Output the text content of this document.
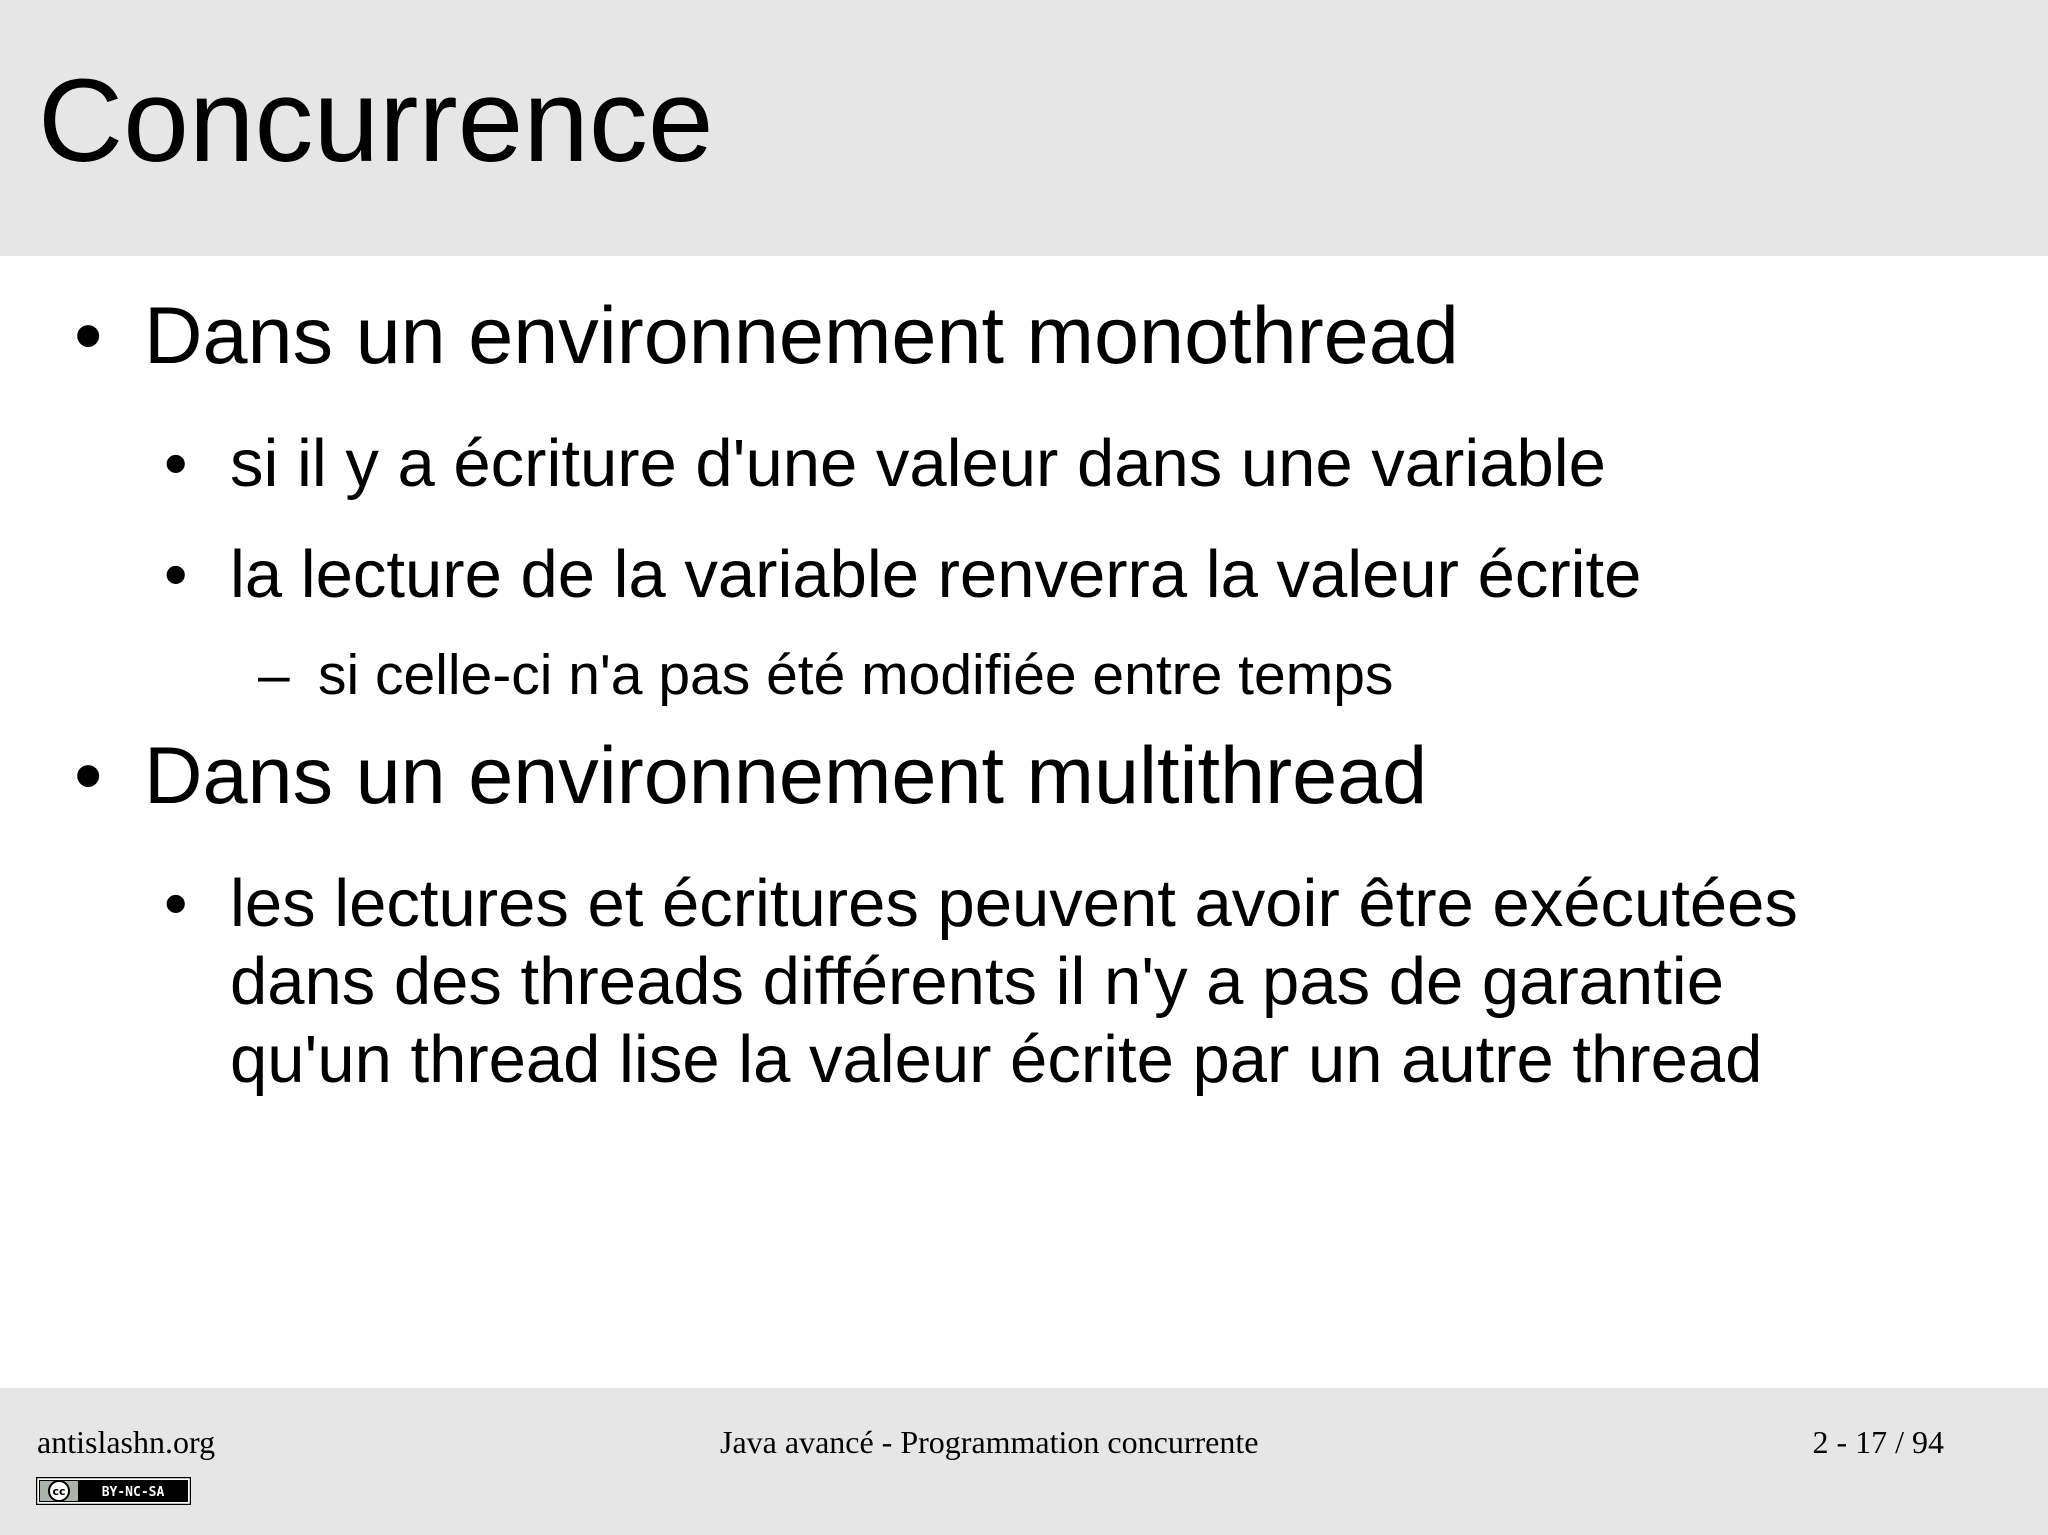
Concurrence
• Dans un environnement monothread
• si il y a écriture d'une valeur dans une variable
• la lecture de la variable renverra la valeur écrite
– si celle-ci n'a pas été modifiée entre temps
• Dans un environnement multithread
• les lectures et écritures peuvent avoir être exécutées
dans des threads différents il n'y a pas de garantie
qu'un thread lise la valeur écrite par un autre thread
antislashn.org	Java avancé - Programmation concurrente	2 - 17 / 94
cc	BY-NC-SA
